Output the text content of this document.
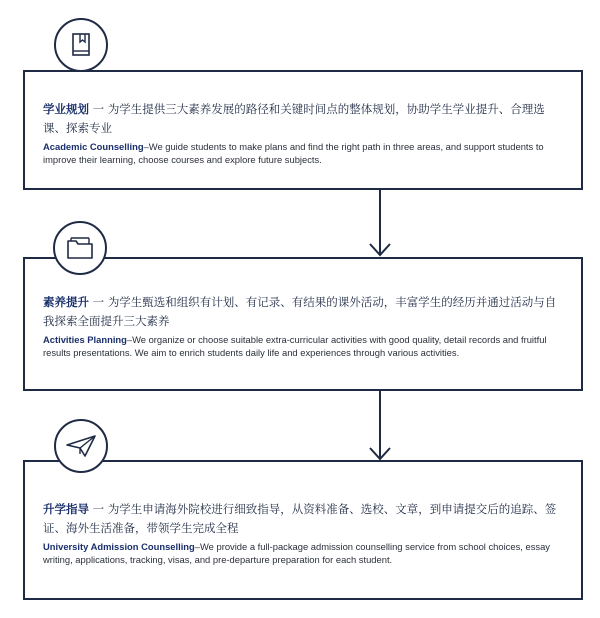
学业规划 一 为学生提供三大素养发展的路径和关键时间点的整体规划，协助学生学业提升、合理选课、探索专业
Academic Counselling–We guide students to make plans and find the right path in three areas, and support students to improve their learning, choose courses and explore future subjects.
素养提升 一 为学生甄选和组织有计划、有记录、有结果的课外活动，丰富学生的经历并通过活动与自我探索全面提升三大素养
Activities Planning–We organize or choose suitable extra-curricular activities with good quality, detail records and fruitful results presentations. We aim to enrich students daily life and experiences through various activities.
升学指导 一 为学生申请海外院校进行细致指导，从资料准备、选校、文章，到申请提交后的追踪、签证、海外生活准备，带领学生完成全程
University Admission Counselling–We provide a full-package admission counselling service from school choices, essay writing, applications, tracking, visas, and pre-departure preparation for each student.
